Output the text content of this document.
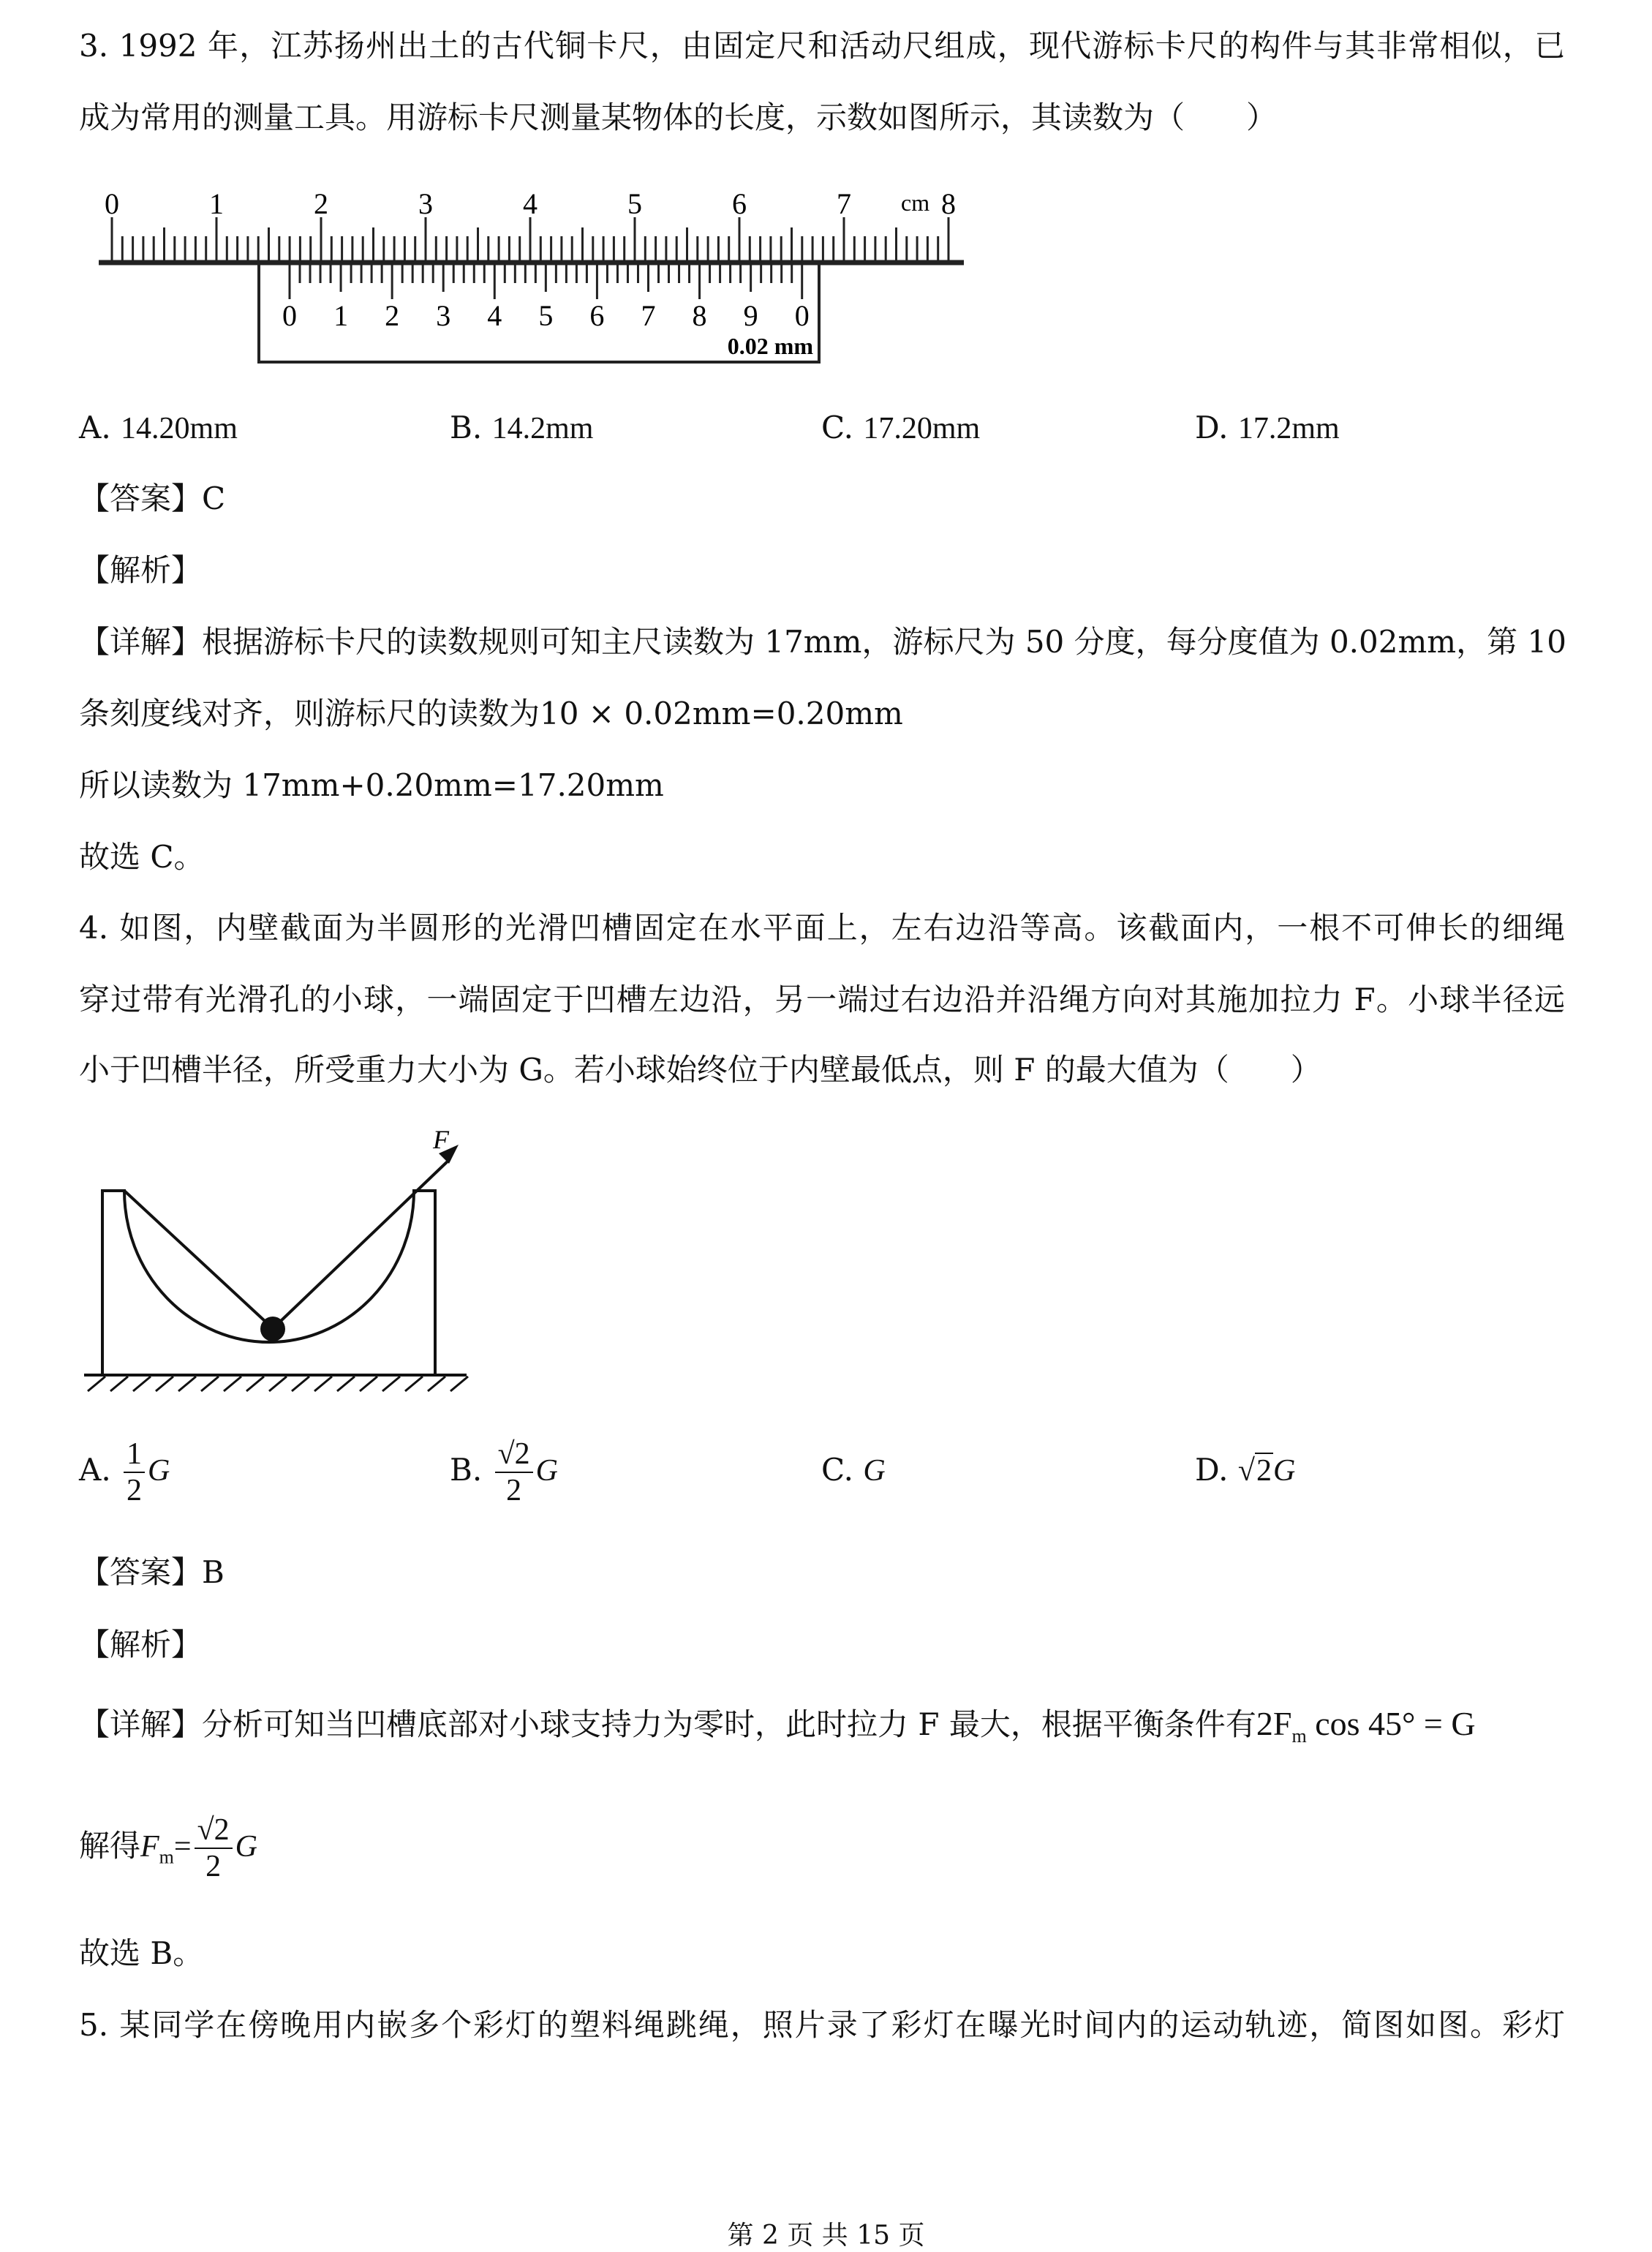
3. 1992 年，江苏扬州出土的古代铜卡尺，由固定尺和活动尺组成，现代游标卡尺的构件与其非常相似，已
成为常用的测量工具。用游标卡尺测量某物体的长度，示数如图所示，其读数为（　　）
0	1	2	3	4	5	6	7	8
cm
0 1 2 3 4 5 6 7 8 9 0
0.02 mm
A. 14.20mm	B. 14.2mm	C. 17.20mm	D. 17.2mm
【答案】C
【解析】
【详解】根据游标卡尺的读数规则可知主尺读数为 17mm，游标尺为 50 分度，每分度值为 0.02mm，第 10
条刻度线对齐，则游标尺的读数为10 × 0.02mm=0.20mm
所以读数为 17mm+0.20mm=17.20mm
故选 C。
4. 如图，内壁截面为半圆形的光滑凹槽固定在水平面上，左右边沿等高。该截面内，一根不可伸长的细绳
穿过带有光滑孔的小球，一端固定于凹槽左边沿，另一端过右边沿并沿绳方向对其施加拉力 F。小球半径远
小于凹槽半径，所受重力大小为 G。若小球始终位于内壁最低点，则 F 的最大值为（　　）
F
A. $\frac{1}{2}$ G	B. $\frac{√2}{2}$ G	C. G	D. √2G
【答案】B
【解析】
【详解】分析可知当凹槽底部对小球支持力为零时，此时拉力 F 最大，根据平衡条件有$2F_m$ cos 45° = G
解得$F_m= \frac{√2}{2}$ G
故选 B。
5. 某同学在傍晚用内嵌多个彩灯的塑料绳跳绳，照片录了彩灯在曝光时间内的运动轨迹，简图如图。彩灯
第 2 页 共 15 页
